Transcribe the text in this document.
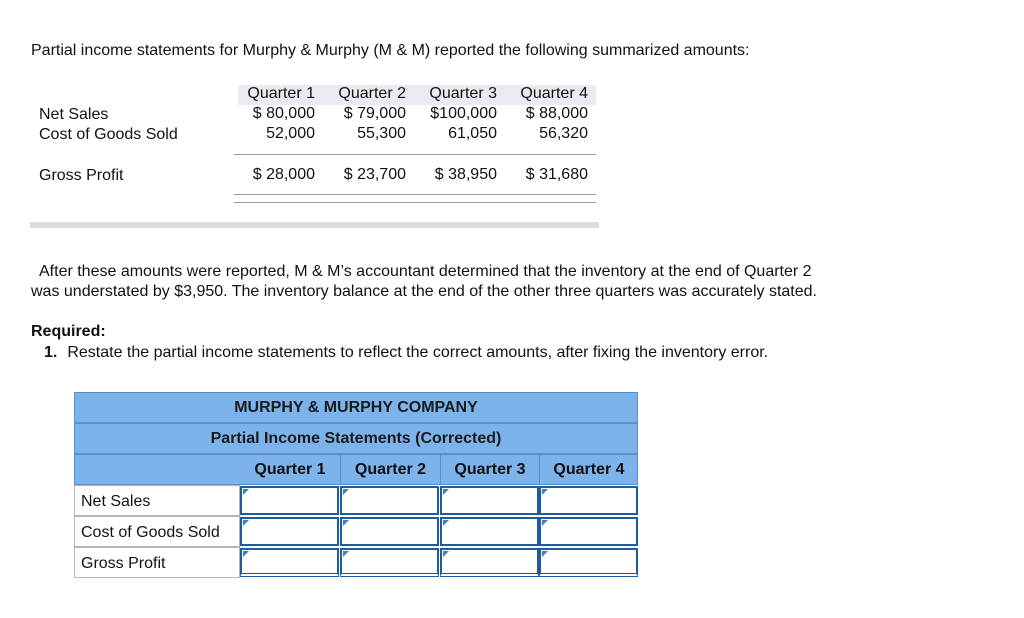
Partial income statements for Murphy & Murphy (M & M) reported the following summarized amounts:
Quarter 1	Quarter 2	Quarter 3	Quarter 4
Net Sales	$ 80,000	$ 79,000	$100,000	$ 88,000
Cost of Goods Sold	52,000	55,300	61,050	56,320
Gross Profit	$ 28,000	$ 23,700	$ 38,950	$ 31,680
After these amounts were reported, M & M’s accountant determined that the inventory at the end of Quarter 2
was understated by $3,950. The inventory balance at the end of the other three quarters was accurately stated.
Required:
1. Restate the partial income statements to reflect the correct amounts, after fixing the inventory error.
MURPHY & MURPHY COMPANY
Partial Income Statements (Corrected)
Quarter 1	Quarter 2	Quarter 3	Quarter 4
Net Sales
Cost of Goods Sold
Gross Profit
